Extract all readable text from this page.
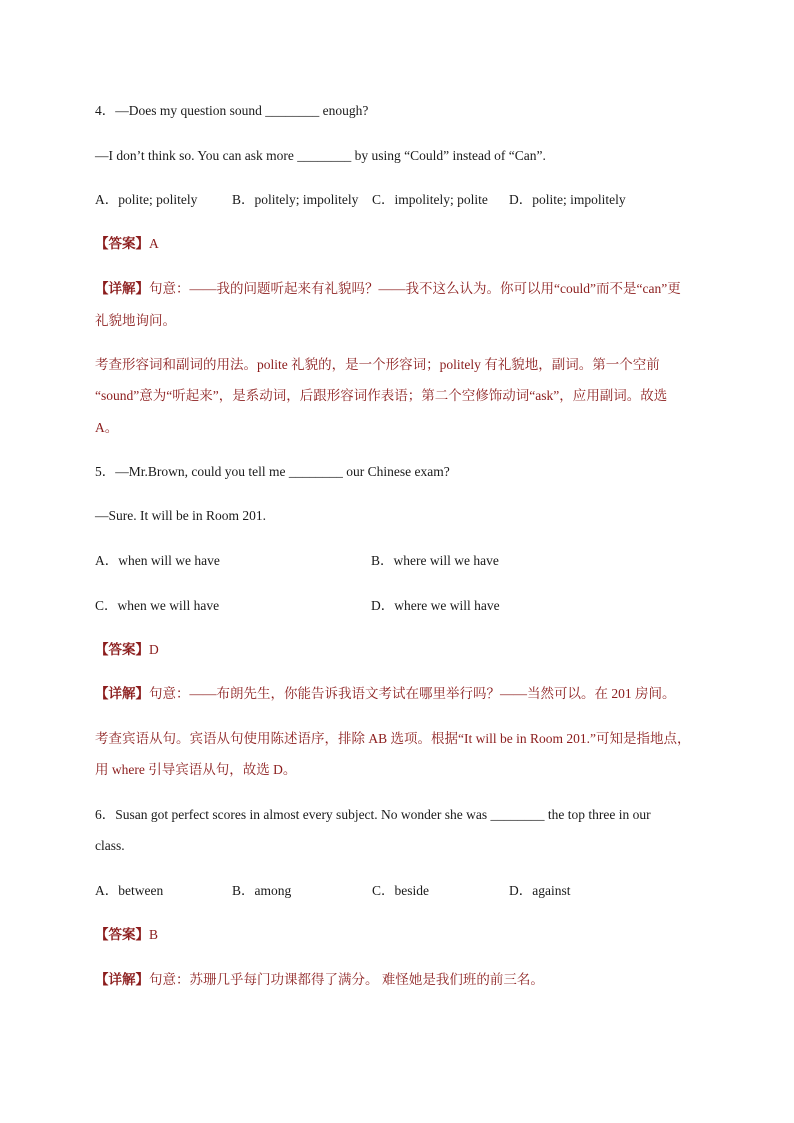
4．—Does my question sound ________ enough?
—I don’t think so. You can ask more ________ by using “Could” instead of “Can”.
A．polite; politely	B．politely; impolitely C．impolitely; polite D．polite; impolitely
【答案】A
【详解】句意：——我的问题听起来有礼貌吗？——我不这么认为。你可以用“could”而不是“can”更
礼貌地询问。
考查形容词和副词的用法。polite 礼貌的，是一个形容词；politely 有礼貌地，副词。第一个空前
“sound”意为“听起来”，是系动词，后跟形容词作表语；第二个空修饰动词“ask”，应用副词。故选
A。
5．—Mr.Brown, could you tell me ________ our Chinese exam?
—Sure. It will be in Room 201.
A．when will we have	B．where will we have
C．when we will have	D．where we will have
【答案】D
【详解】句意：——布朗先生，你能告诉我语文考试在哪里举行吗？——当然可以。在 201 房间。
考查宾语从句。宾语从句使用陈述语序，排除 AB 选项。根据“It will be in Room 201.”可知是指地点，
用 where 引导宾语从句，故选 D。
6．Susan got perfect scores in almost every subject. No wonder she was ________ the top three in our
class.
A．between	B．among	C．beside	D．against
【答案】B
【详解】句意：苏珊几乎每门功课都得了满分。 难怪她是我们班的前三名。
